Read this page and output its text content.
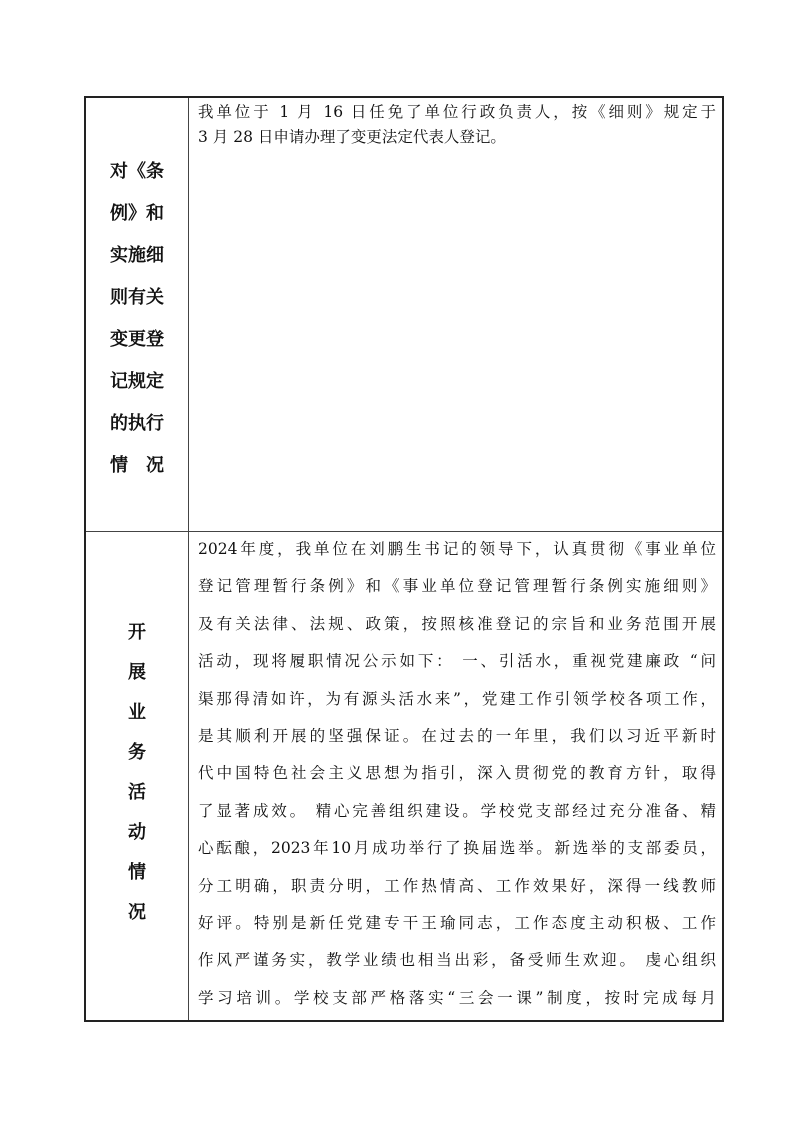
对《条
例》和
实施细
则有关
变更登
记规定
的执行
情　况
我单位于 1 月 16 日任免了单位行政负责人，按《细则》规定于
3 月 28 日申请办理了变更法定代表人登记。
开
展
业
务
活
动
情
况
2024年度，我单位在刘鹏生书记的领导下，认真贯彻《事业单位
登记管理暂行条例》和《事业单位登记管理暂行条例实施细则》
及有关法律、法规、政策，按照核准登记的宗旨和业务范围开展
活动，现将履职情况公示如下： 一、引活水，重视党建廉政 “问
渠那得清如许，为有源头活水来”，党建工作引领学校各项工作，
是其顺利开展的坚强保证。在过去的一年里，我们以习近平新时
代中国特色社会主义思想为指引，深入贯彻党的教育方针，取得
了显著成效。 精心完善组织建设。学校党支部经过充分准备、精
心酝酿，2023年10月成功举行了换届选举。新选举的支部委员，
分工明确，职责分明，工作热情高、工作效果好，深得一线教师
好评。特别是新任党建专干王瑜同志，工作态度主动积极、工作
作风严谨务实，教学业绩也相当出彩，备受师生欢迎。 虔心组织
学习培训。学校支部严格落实“三会一课”制度，按时完成每月
